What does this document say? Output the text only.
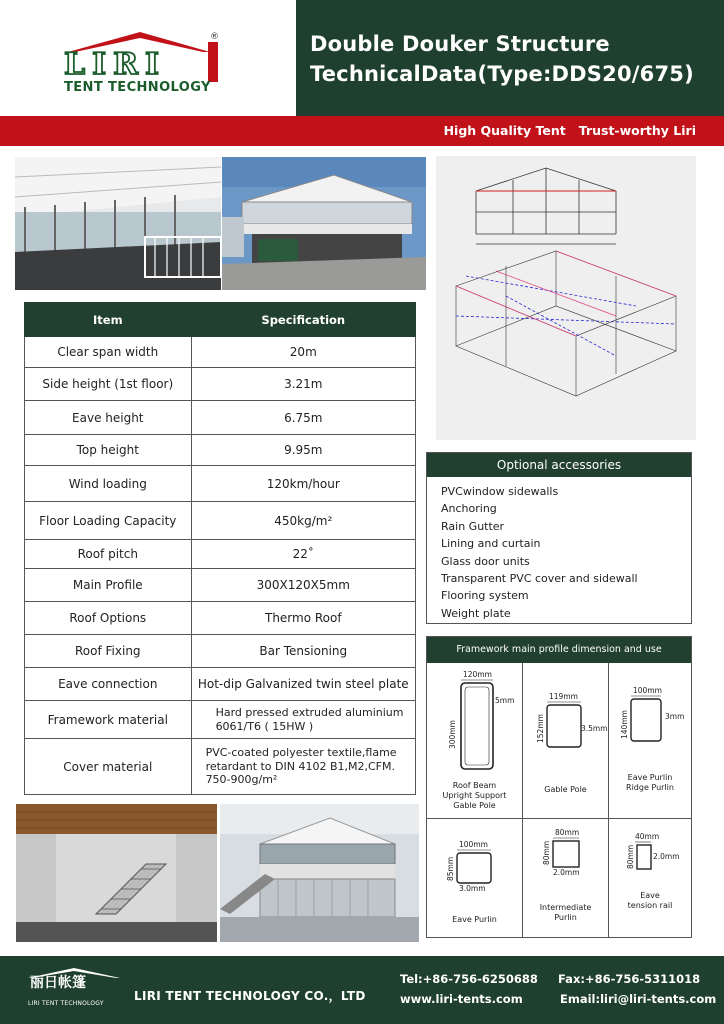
LIRI
®
TENT TECHNOLOGY
Double Douker Structure
TechnicalData(Type:DDS20/675)
High Quality Tent   Trust-worthy Liri
Item	Specification
Clear span width	20m
Side height (1st floor)	3.21m
Eave height	6.75m
Top height	9.95m
Wind loading	120km/hour
Floor Loading Capacity	450kg/m²
Roof pitch	22˚
Main Profile	300X120X5mm
Roof Options	Thermo Roof
Roof Fixing	Bar Tensioning
Eave connection	Hot-dip Galvanized twin steel plate
Framework material	Hard pressed extruded aluminium 6061/T6 ( 15HW )
Cover material	PVC-coated polyester textile,flame retardant to DIN 4102 B1,M2,CFM. 750-900g/m²
Optional accessories
PVCwindow sidewalls
Anchoring
Rain Gutter
Lining and curtain
Glass door units
Transparent PVC cover and sidewall
Flooring system
Weight plate
Framework main profile dimension and use
120mm
5mm
300mm
Roof Beam
Upright Support
Gable Pole
119mm
3.5mm
152mm
Gable Pole
100mm
3mm
140mm
Eave Purlin
Ridge Purlin
100mm
3.0mm
85mm
Eave Purlin
80mm
2.0mm
80mm
Intermediate
Purlin
40mm
2.0mm
80mm
Eave
tension rail
丽日帐篷
LIRI TENT TECHNOLOGY
LIRI TENT TECHNOLOGY CO.，LTD
Tel:+86-756-6250688 Fax:+86-756-5311018
www.liri-tents.com	Email:liri@liri-tents.com
